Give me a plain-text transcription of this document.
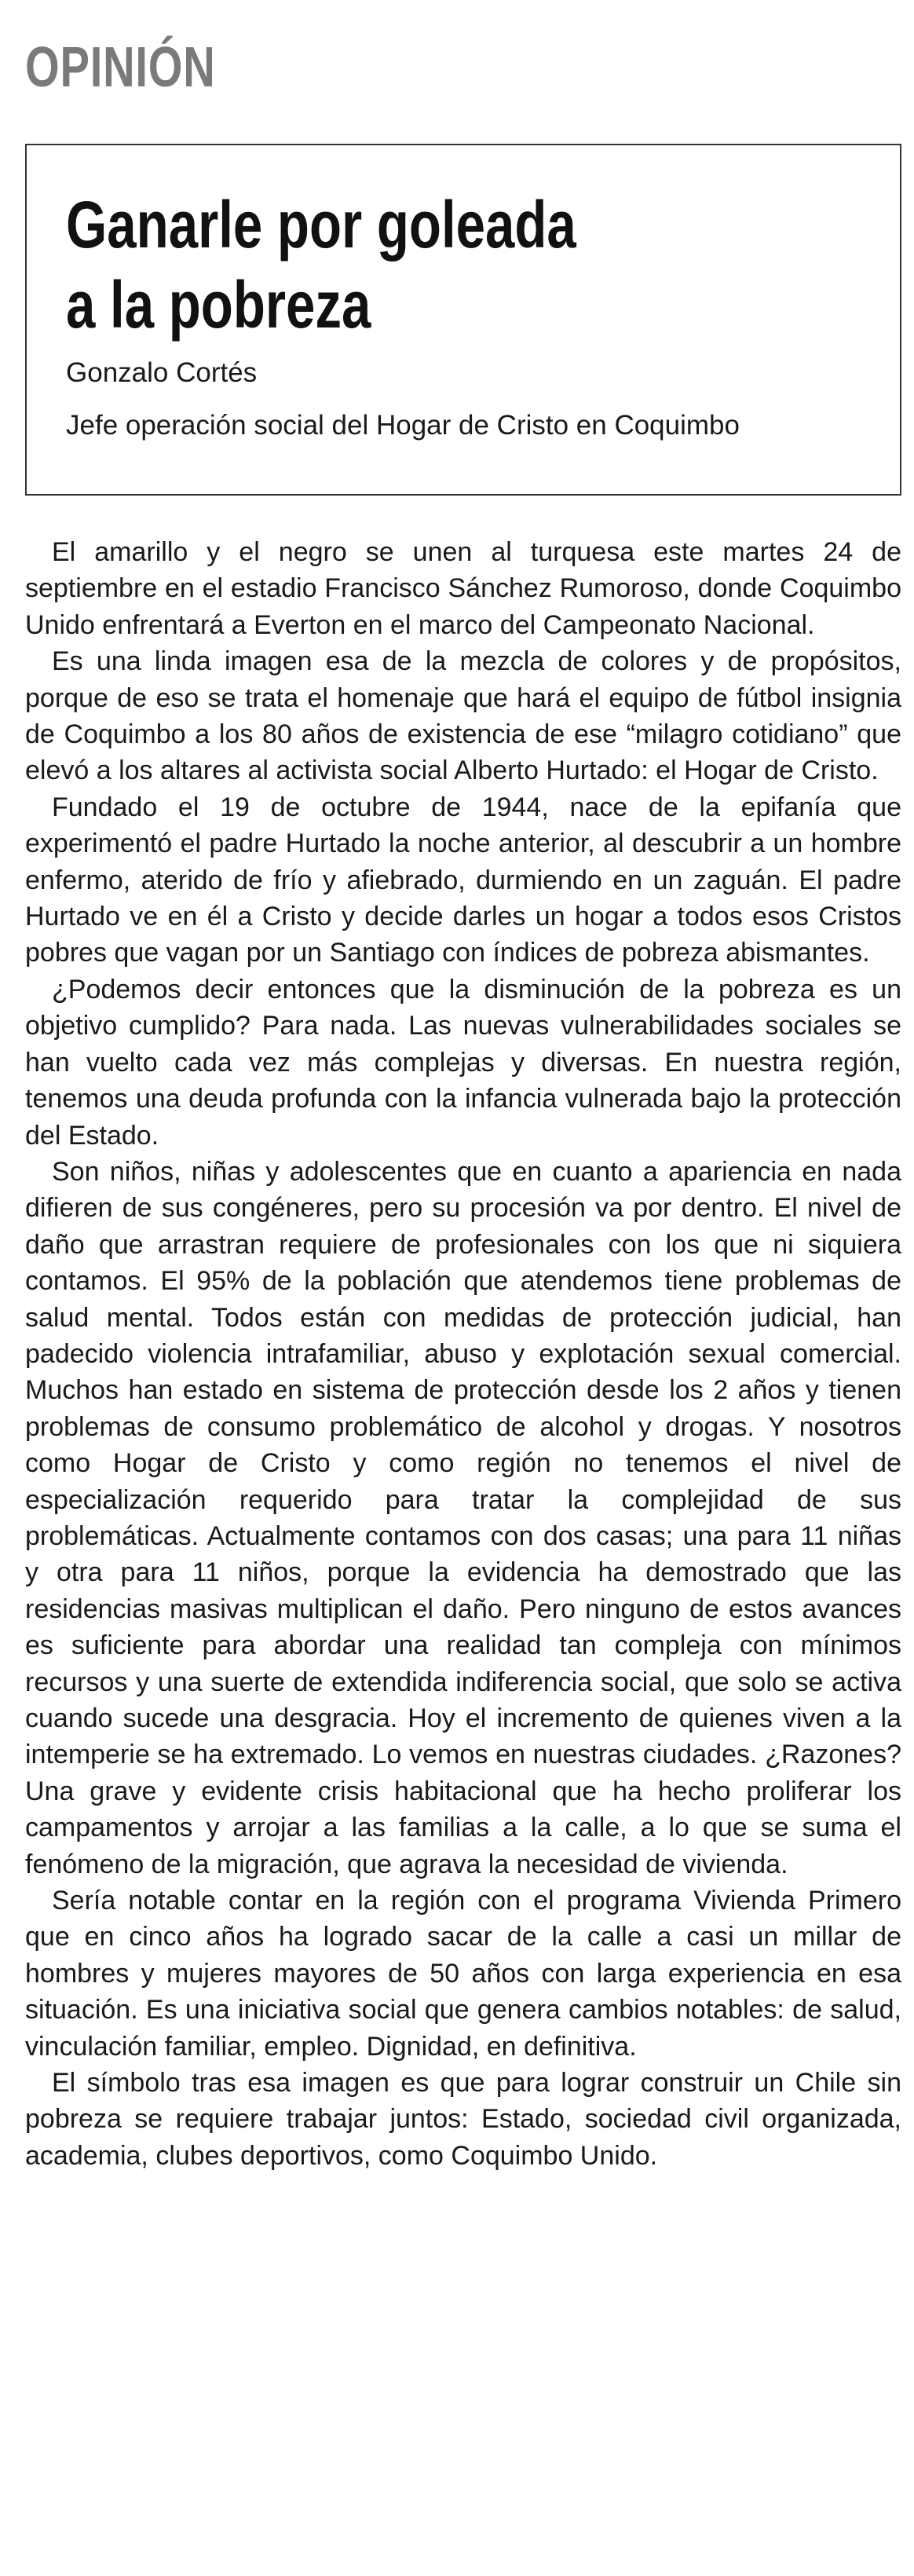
OPINIÓN
Ganarle por goleada
a la pobreza

Gonzalo Cortés

Jefe operación social del Hogar de Cristo en Coquimbo

El amarillo y el negro se unen al turquesa este martes 24 de septiembre en el estadio Francisco Sánchez Rumoroso, donde Coquimbo Unido enfrentará a Everton en el marco del Campeonato Nacional.

Es una linda imagen esa de la mezcla de colores y de propósitos, porque de eso se trata el homenaje que hará el equipo de fútbol insignia de Coquimbo a los 80 años de existencia de ese “milagro cotidiano” que elevó a los altares al activista social Alberto Hurtado: el Hogar de Cristo.

Fundado el 19 de octubre de 1944, nace de la epifanía que experimentó el padre Hurtado la noche anterior, al descubrir a un hombre enfermo, aterido de frío y afiebrado, durmiendo en un zaguán. El padre Hurtado ve en él a Cristo y decide darles un hogar a todos esos Cristos pobres que vagan por un Santiago con índices de pobreza abismantes.

¿Podemos decir entonces que la disminución de la pobreza es un objetivo cumplido? Para nada. Las nuevas vulnerabilidades sociales se han vuelto cada vez más complejas y diversas. En nuestra región, tenemos una deuda profunda con la infancia vulnerada bajo la protección del Estado.

Son niños, niñas y adolescentes que en cuanto a apariencia en nada difieren de sus congéneres, pero su procesión va por dentro. El nivel de daño que arrastran requiere de profesionales con los que ni siquiera contamos. El 95% de la población que atendemos tiene problemas de salud mental. Todos están con medidas de protección judicial, han padecido violencia intrafamiliar, abuso y explotación sexual comercial. Muchos han estado en sistema de protección desde los 2 años y tienen problemas de consumo problemático de alcohol y drogas. Y nosotros como Hogar de Cristo y como región no tenemos el nivel de especialización requerido para tratar la complejidad de sus problemáticas. Actualmente contamos con dos casas; una para 11 niñas y otra para 11 niños, porque la evidencia ha demostrado que las residencias masivas multiplican el daño. Pero ninguno de estos avances es suficiente para abordar una realidad tan compleja con mínimos recursos y una suerte de extendida indiferencia social, que solo se activa cuando sucede una desgracia. Hoy el incremento de quienes viven a la intemperie se ha extremado. Lo vemos en nuestras ciudades. ¿Razones? Una grave y evidente crisis habitacional que ha hecho proliferar los campamentos y arrojar a las familias a la calle, a lo que se suma el fenómeno de la migración, que agrava la necesidad de vivienda.

Sería notable contar en la región con el programa Vivienda Primero que en cinco años ha logrado sacar de la calle a casi un millar de hombres y mujeres mayores de 50 años con larga experiencia en esa situación. Es una iniciativa social que genera cambios notables: de salud, vinculación familiar, empleo. Dignidad, en definitiva.

El símbolo tras esa imagen es que para lograr construir un Chile sin pobreza se requiere trabajar juntos: Estado, sociedad civil organizada, academia, clubes deportivos, como Coquimbo Unido.
